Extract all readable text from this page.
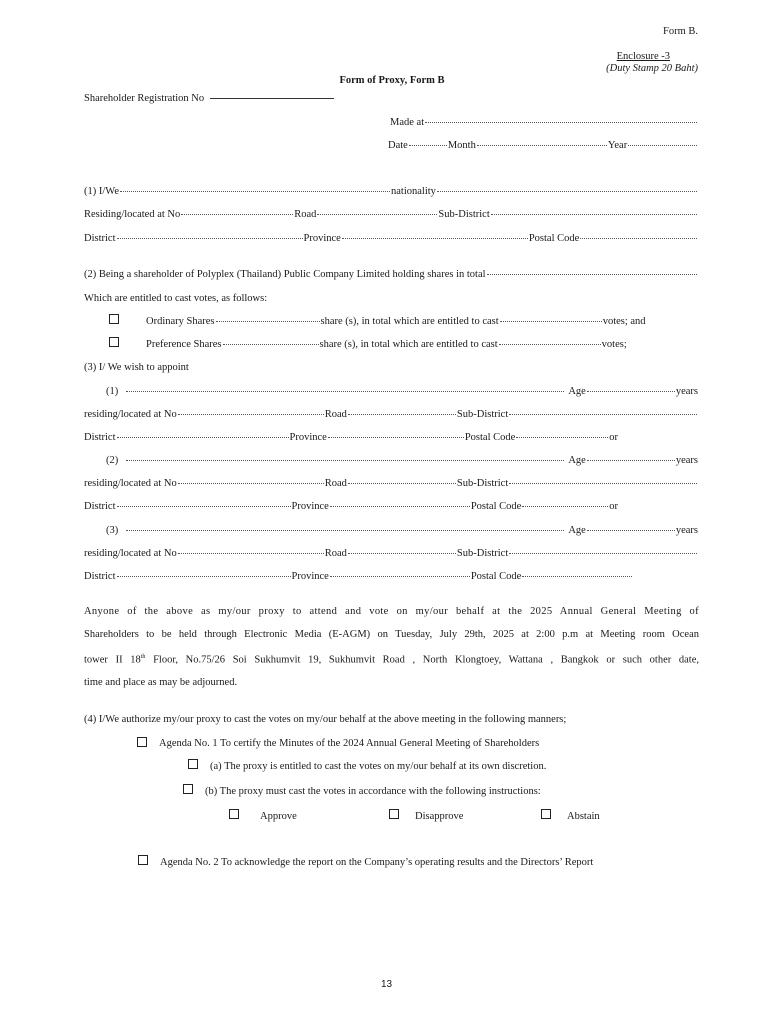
Form B.
Enclosure -3
(Duty Stamp 20 Baht)
Form of Proxy, Form B
Shareholder Registration No
Made at
Date	Month	Year
(1) I/We	nationality
Residing/located at No	Road	Sub-District
District	Province	Postal Code
(2) Being a shareholder of Polyplex (Thailand) Public Company Limited holding shares in total
Which are entitled to cast votes, as follows:
Ordinary Shares	share (s), in total which are entitled to cast	votes; and
Preference Shares	share (s), in total which are entitled to cast	votes;
(3) I/ We wish to appoint
(1)	Age	years
residing/located at No	Road	Sub-District
District	Province	Postal Code	or
(2)	Age	years
residing/located at No	Road	Sub-District
District	Province	Postal Code	or
(3)	Age	years
residing/located at No	Road	Sub-District
District	Province	Postal Code
Anyone of the above as my/our proxy to attend and vote on my/our behalf at the 2025 Annual General Meeting of
Shareholders to be held through Electronic Media (E-AGM) on Tuesday, July 29th, 2025 at 2:00 p.m at Meeting room Ocean
tower II 18th Floor, No.75/26 Soi Sukhumvit 19, Sukhumvit Road , North Klongtoey, Wattana , Bangkok or such other date,
time and place as may be adjourned.
(4) I/We authorize my/our proxy to cast the votes on my/our behalf at the above meeting in the following manners;
Agenda No. 1 To certify the Minutes of the 2024 Annual General Meeting of Shareholders
(a) The proxy is entitled to cast the votes on my/our behalf at its own discretion.
(b) The proxy must cast the votes in accordance with the following instructions:
Approve	Disapprove	Abstain
Agenda No. 2 To acknowledge the report on the Company’s operating results and the Directors’ Report
13
